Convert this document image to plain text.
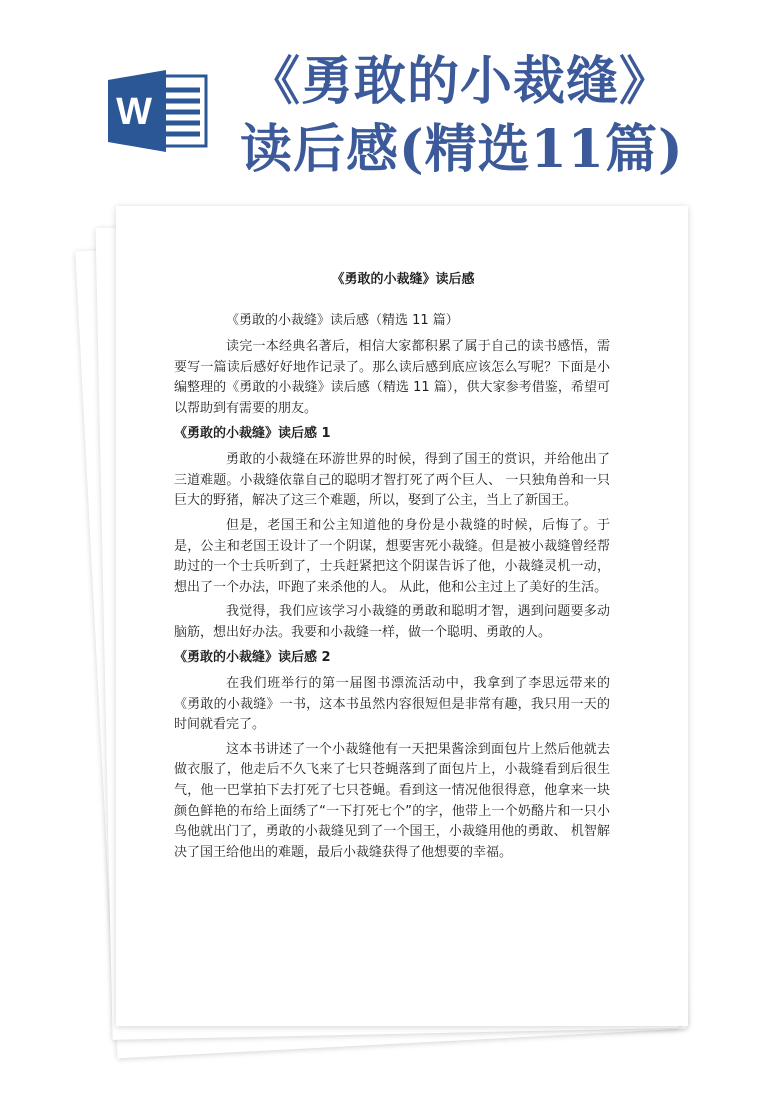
W 《勇敢的小裁缝》
读后感(精选11篇)
《勇敢的小裁缝》读后感

《勇敢的小裁缝》读后感（精选 11 篇）

读完一本经典名著后，相信大家都积累了属于自己的读书感悟，需要写一篇读后感好好地作记录了。那么读后感到底应该怎么写呢？下面是小编整理的《勇敢的小裁缝》读后感（精选 11 篇），供大家参考借鉴，希望可以帮助到有需要的朋友。

《勇敢的小裁缝》读后感 1

勇敢的小裁缝在环游世界的时候，得到了国王的赏识，并给他出了三道难题。小裁缝依靠自己的聪明才智打死了两个巨人、 一只独角兽和一只巨大的野猪，解决了这三个难题，所以，娶到了公主，当上了新国王。

但是，老国王和公主知道他的身份是小裁缝的时候，后悔了。于是，公主和老国王设计了一个阴谋，想要害死小裁缝。但是被小裁缝曾经帮助过的一个士兵听到了，士兵赶紧把这个阴谋告诉了他，小裁缝灵机一动，想出了一个办法，吓跑了来杀他的人。 从此，他和公主过上了美好的生活。

我觉得，我们应该学习小裁缝的勇敢和聪明才智，遇到问题要多动脑筋，想出好办法。我要和小裁缝一样，做一个聪明、勇敢的人。

《勇敢的小裁缝》读后感 2

在我们班举行的第一届图书漂流活动中，我拿到了李思远带来的《勇敢的小裁缝》一书，这本书虽然内容很短但是非常有趣，我只用一天的时间就看完了。

这本书讲述了一个小裁缝他有一天把果酱涂到面包片上然后他就去做衣服了，他走后不久飞来了七只苍蝇落到了面包片上，小裁缝看到后很生气，他一巴掌拍下去打死了七只苍蝇。看到这一情况他很得意，他拿来一块颜色鲜艳的布给上面绣了“一下打死七个”的字，他带上一个奶酪片和一只小鸟他就出门了，勇敢的小裁缝见到了一个国王，小裁缝用他的勇敢、 机智解决了国王给他出的难题，最后小裁缝获得了他想要的幸福。
